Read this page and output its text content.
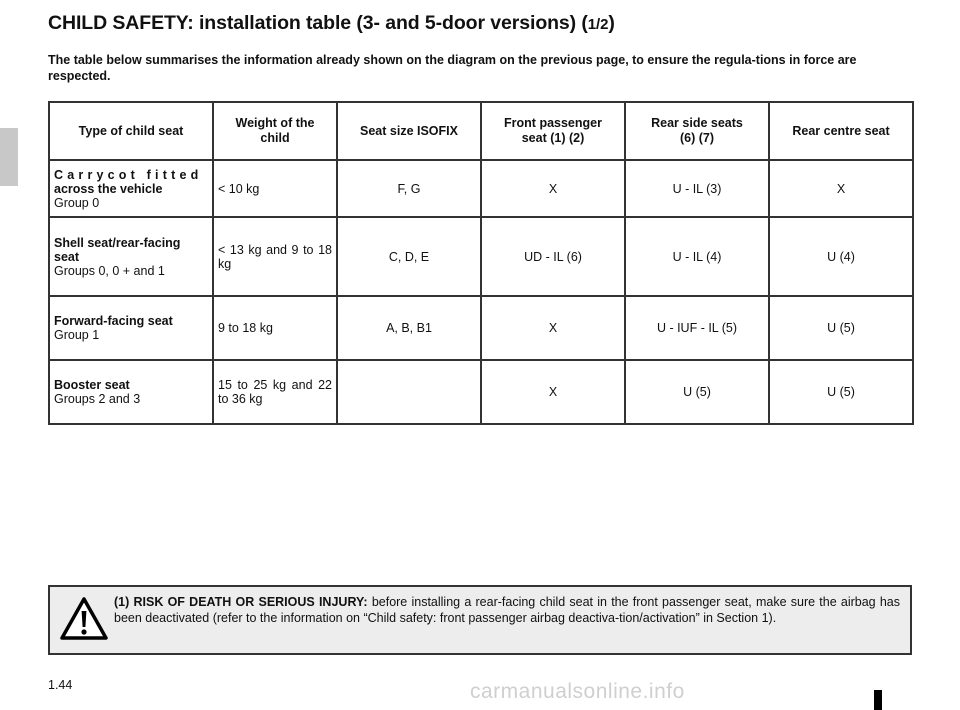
CHILD SAFETY: installation table (3- and 5-door versions) (1/2)

The table below summarises the information already shown on the diagram on the previous page, to ensure the regula-tions in force are respected.

Type of child seat	Weight of the child	Seat size ISOFIX	Front passenger seat (1) (2)	Rear side seats (6) (7)	Rear centre seat

Carrycot fitted
across the vehicle
Group 0	< 10 kg	F, G	X	U - IL (3)	X

Shell seat/rear-facing seat
Groups 0, 0 + and 1	< 13 kg and 9 to 18 kg	C, D, E	UD - IL (6)	U - IL (4)	U (4)

Forward-facing seat
Group 1	9 to 18 kg	A, B, B1	X	U - IUF - IL (5)	U (5)

Booster seat
Groups 2 and 3	15 to 25 kg and 22 to 36 kg		X	U (5)	U (5)

(1) RISK OF DEATH OR SERIOUS INJURY: before installing a rear-facing child seat in the front passenger seat, make sure the airbag has been deactivated (refer to the information on “Child safety: front passenger airbag deactiva-tion/activation” in Section 1).

1.44	carmanualsonline.info
